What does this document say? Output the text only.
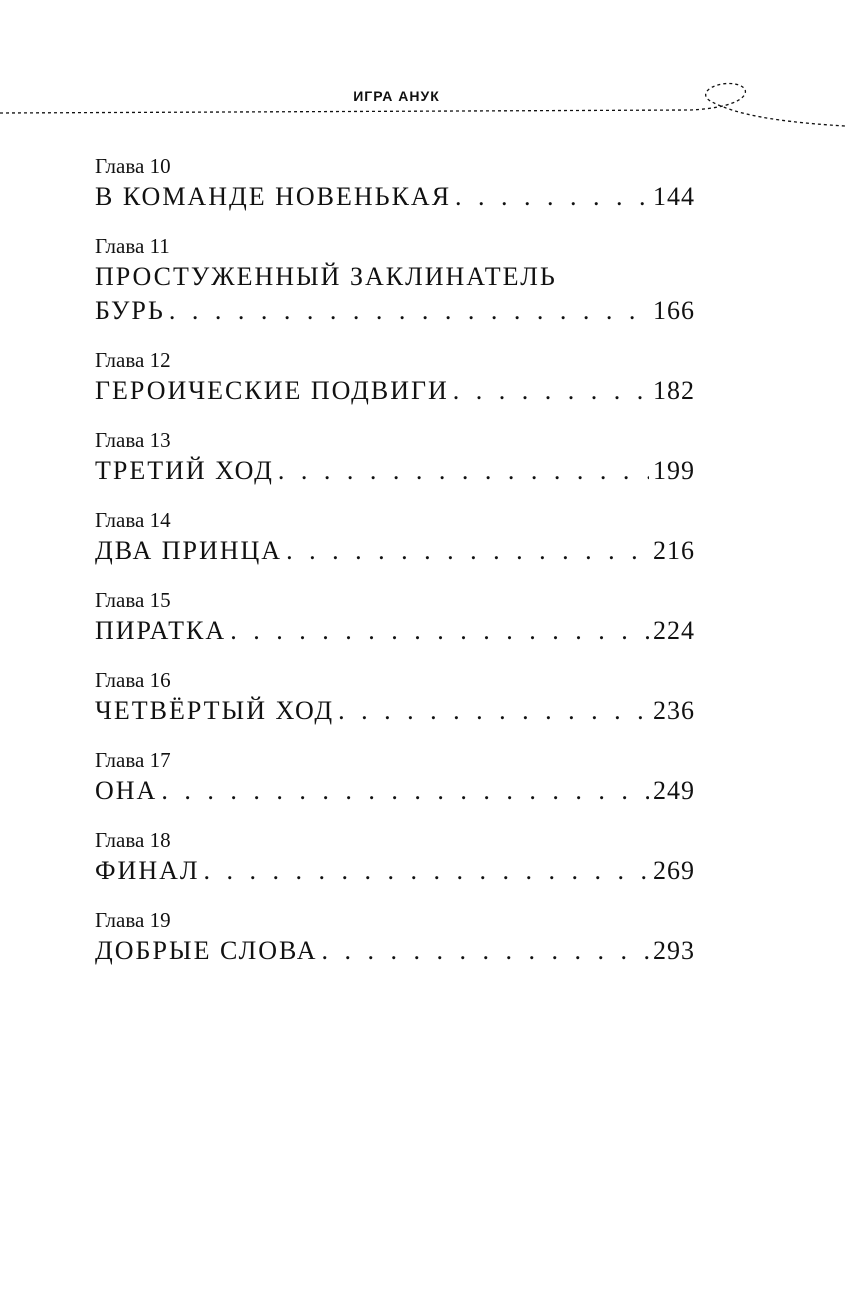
ИГРА АНУК
Глава 10
В КОМАНДЕ НОВЕНЬКАЯ . . .	144
Глава 11
ПРОСТУЖЕННЫЙ ЗАКЛИНАТЕЛЬ
БУРЬ . . .	166
Глава 12
ГЕРОИЧЕСКИЕ ПОДВИГИ . . .	182
Глава 13
ТРЕТИЙ ХОД . . .	199
Глава 14
ДВА ПРИНЦА . . .	216
Глава 15
ПИРАТКА . . .	224
Глава 16
ЧЕТВЁРТЫЙ ХОД . . .	236
Глава 17
ОНА . . .	249
Глава 18
ФИНАЛ . . .	269
Глава 19
ДОБРЫЕ СЛОВА . . .	293
